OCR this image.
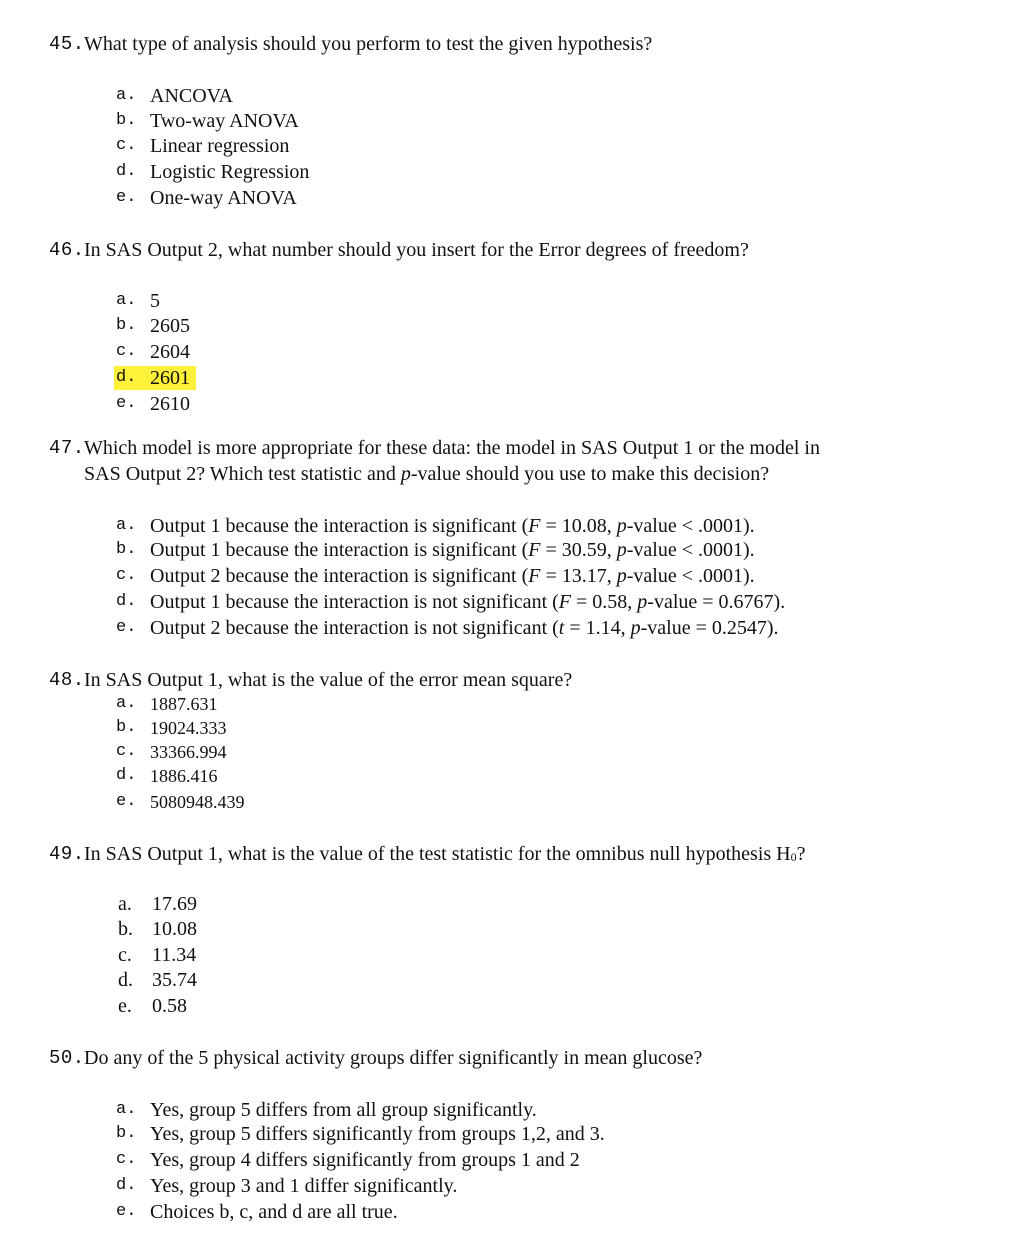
45. What type of analysis should you perform to test the given hypothesis?
a. ANCOVA
b. Two-way ANOVA
c. Linear regression
d. Logistic Regression
e. One-way ANOVA
46. In SAS Output 2, what number should you insert for the Error degrees of freedom?
a. 5
b. 2605
c. 2604
d. 2601
e. 2610
47. Which model is more appropriate for these data: the model in SAS Output 1 or the model in
SAS Output 2? Which test statistic and p-value should you use to make this decision?
a. Output 1 because the interaction is significant (F = 10.08, p-value < .0001).
b. Output 1 because the interaction is significant (F = 30.59, p-value < .0001).
c. Output 2 because the interaction is significant (F = 13.17, p-value < .0001).
d. Output 1 because the interaction is not significant (F = 0.58, p-value = 0.6767).
e. Output 2 because the interaction is not significant (t = 1.14, p-value = 0.2547).
48. In SAS Output 1, what is the value of the error mean square?
a. 1887.631
b. 19024.333
c. 33366.994
d. 1886.416
e. 5080948.439
49. In SAS Output 1, what is the value of the test statistic for the omnibus null hypothesis $H_0$?
a. 17.69
b. 10.08
c. 11.34
d. 35.74
e. 0.58
50. Do any of the 5 physical activity groups differ significantly in mean glucose?
a. Yes, group 5 differs from all group significantly.
b. Yes, group 5 differs significantly from groups 1,2, and 3.
c. Yes, group 4 differs significantly from groups 1 and 2
d. Yes, group 3 and 1 differ significantly.
e. Choices b, c, and d are all true.
